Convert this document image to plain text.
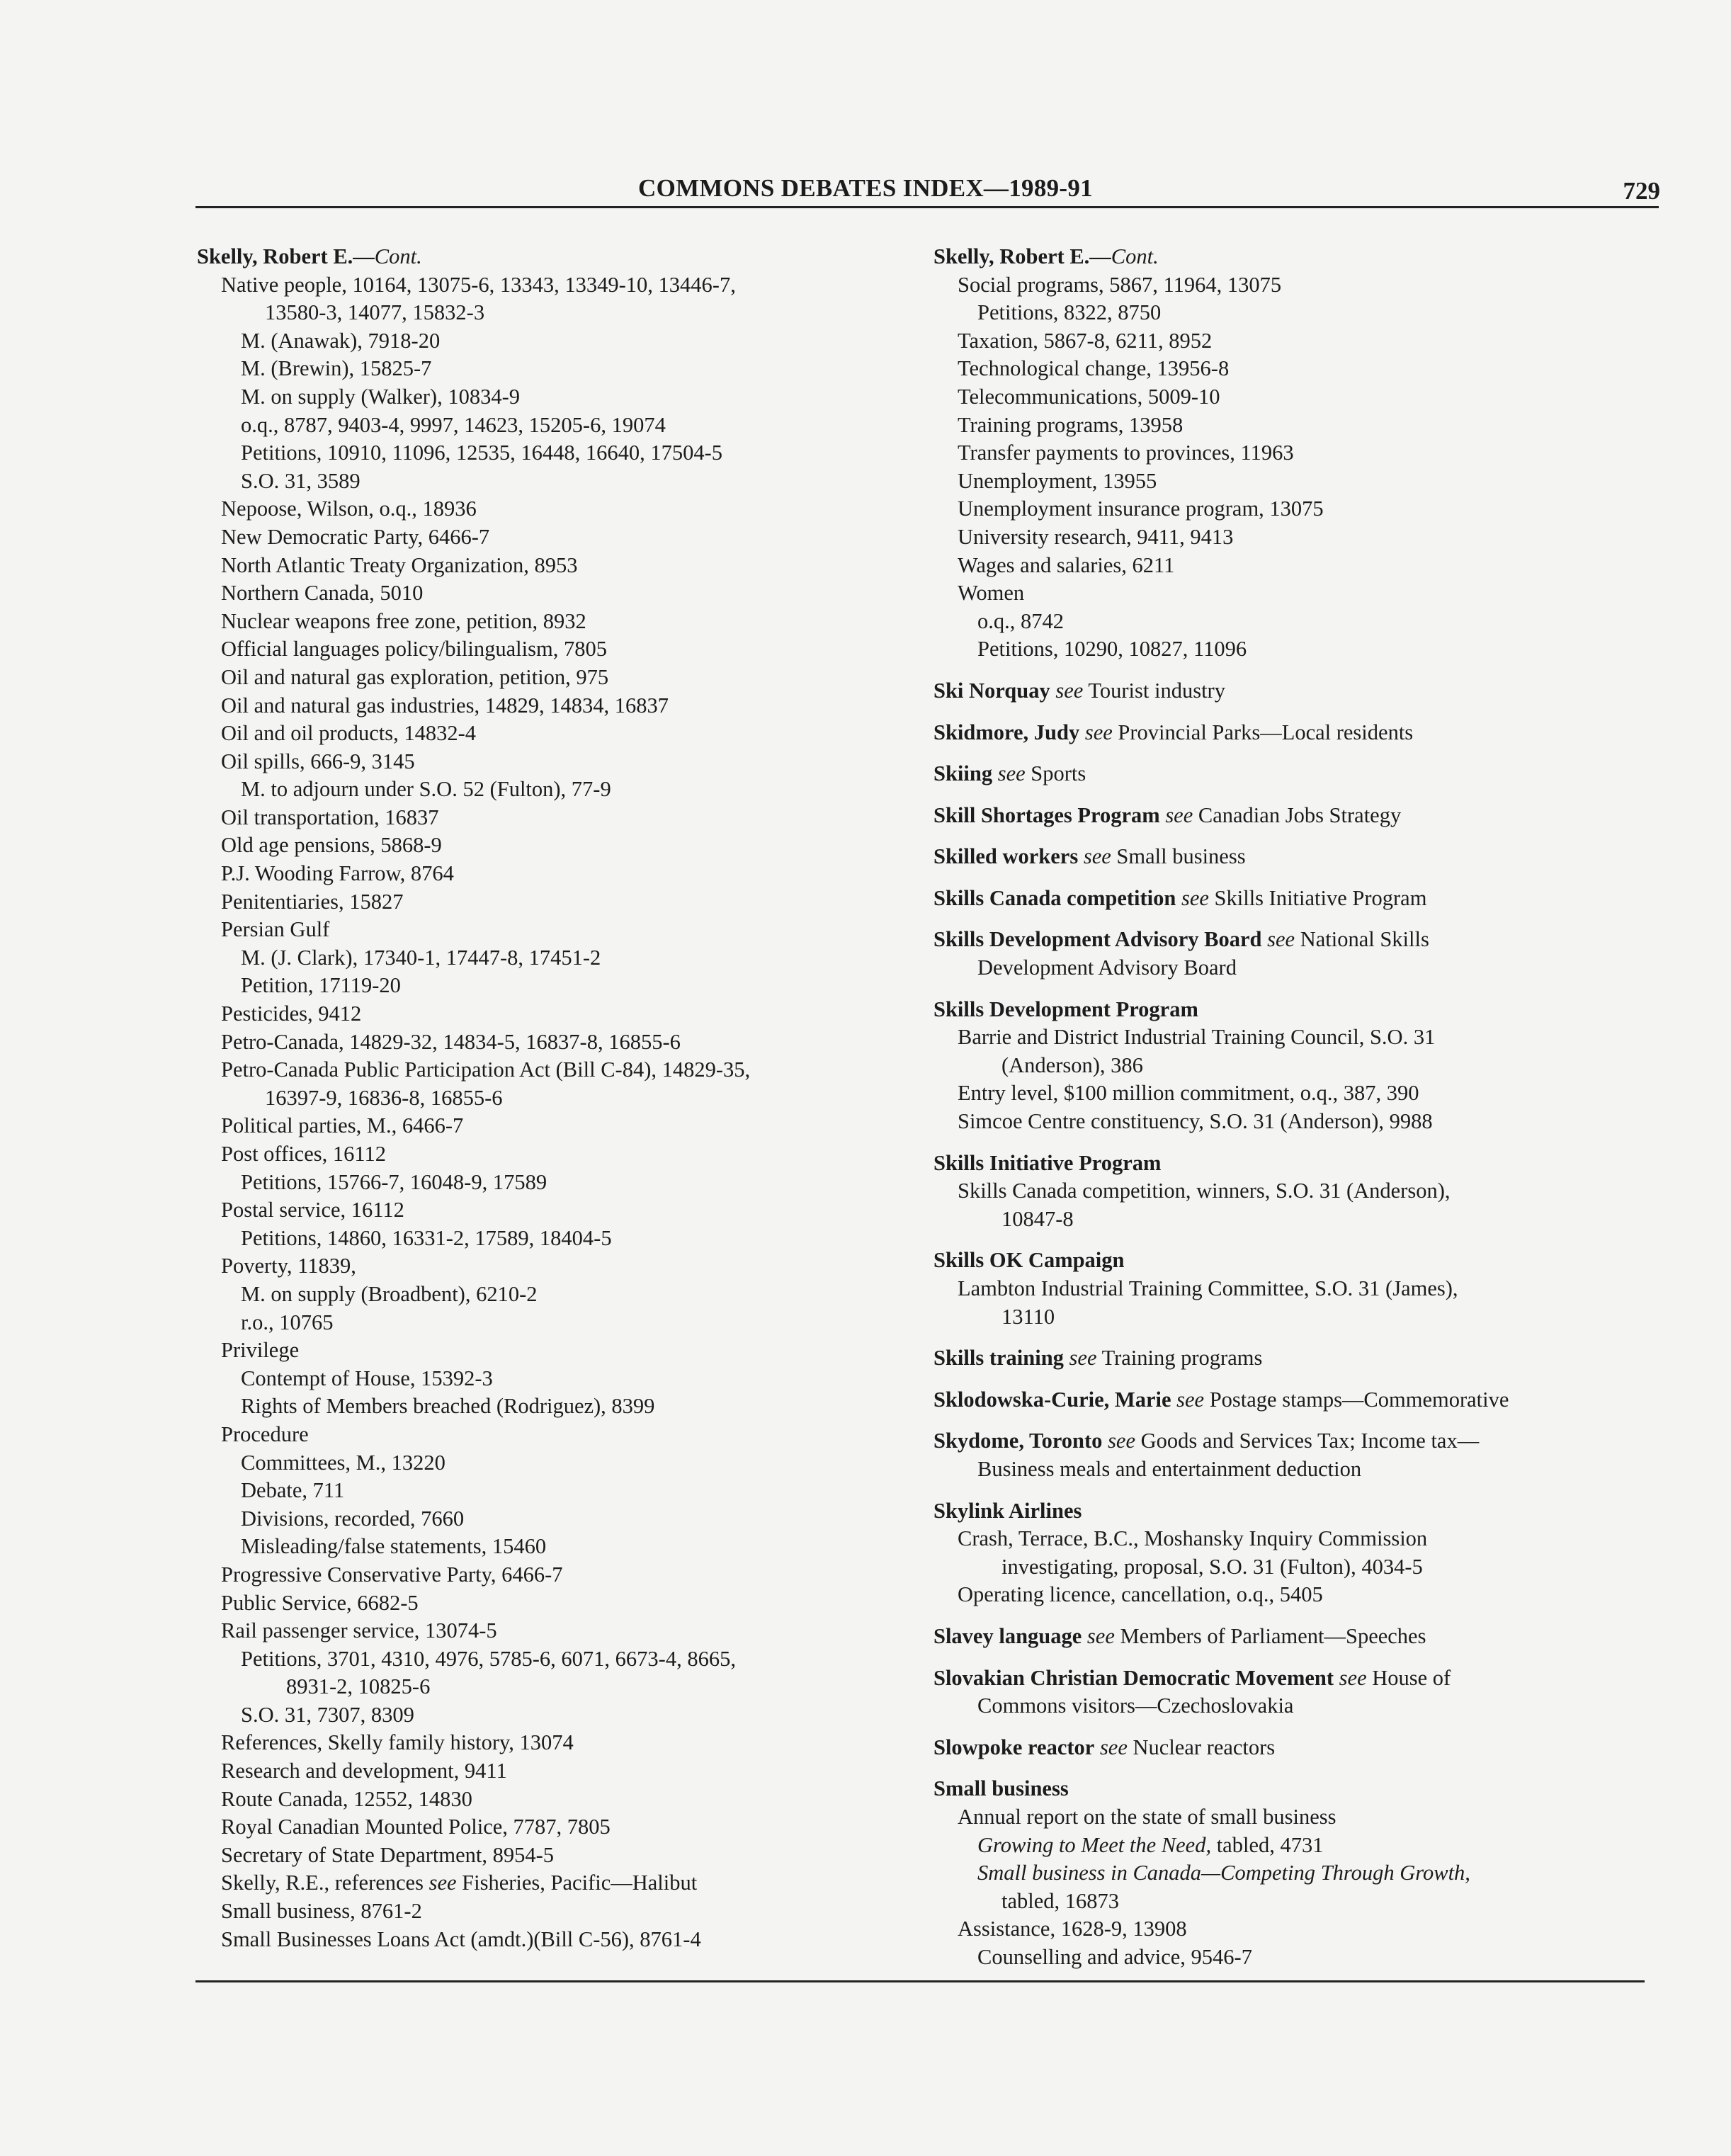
COMMONS DEBATES INDEX—1989-91	729
Skelly, Robert E.—Cont.
Native people, 10164, 13075-6, 13343, 13349-10, 13446-7,
13580-3, 14077, 15832-3
M. (Anawak), 7918-20
M. (Brewin), 15825-7
M. on supply (Walker), 10834-9
o.q., 8787, 9403-4, 9997, 14623, 15205-6, 19074
Petitions, 10910, 11096, 12535, 16448, 16640, 17504-5
S.O. 31, 3589
Nepoose, Wilson, o.q., 18936
New Democratic Party, 6466-7
North Atlantic Treaty Organization, 8953
Northern Canada, 5010
Nuclear weapons free zone, petition, 8932
Official languages policy/bilingualism, 7805
Oil and natural gas exploration, petition, 975
Oil and natural gas industries, 14829, 14834, 16837
Oil and oil products, 14832-4
Oil spills, 666-9, 3145
M. to adjourn under S.O. 52 (Fulton), 77-9
Oil transportation, 16837
Old age pensions, 5868-9
P.J. Wooding Farrow, 8764
Penitentiaries, 15827
Persian Gulf
M. (J. Clark), 17340-1, 17447-8, 17451-2
Petition, 17119-20
Pesticides, 9412
Petro-Canada, 14829-32, 14834-5, 16837-8, 16855-6
Petro-Canada Public Participation Act (Bill C-84), 14829-35,
16397-9, 16836-8, 16855-6
Political parties, M., 6466-7
Post offices, 16112
Petitions, 15766-7, 16048-9, 17589
Postal service, 16112
Petitions, 14860, 16331-2, 17589, 18404-5
Poverty, 11839,
M. on supply (Broadbent), 6210-2
r.o., 10765
Privilege
Contempt of House, 15392-3
Rights of Members breached (Rodriguez), 8399
Procedure
Committees, M., 13220
Debate, 711
Divisions, recorded, 7660
Misleading/false statements, 15460
Progressive Conservative Party, 6466-7
Public Service, 6682-5
Rail passenger service, 13074-5
Petitions, 3701, 4310, 4976, 5785-6, 6071, 6673-4, 8665,
8931-2, 10825-6
S.O. 31, 7307, 8309
References, Skelly family history, 13074
Research and development, 9411
Route Canada, 12552, 14830
Royal Canadian Mounted Police, 7787, 7805
Secretary of State Department, 8954-5
Skelly, R.E., references see Fisheries, Pacific—Halibut
Small business, 8761-2
Small Businesses Loans Act (amdt.)(Bill C-56), 8761-4
Skelly, Robert E.—Cont.
Social programs, 5867, 11964, 13075
Petitions, 8322, 8750
Taxation, 5867-8, 6211, 8952
Technological change, 13956-8
Telecommunications, 5009-10
Training programs, 13958
Transfer payments to provinces, 11963
Unemployment, 13955
Unemployment insurance program, 13075
University research, 9411, 9413
Wages and salaries, 6211
Women
o.q., 8742
Petitions, 10290, 10827, 11096
Ski Norquay see Tourist industry
Skidmore, Judy see Provincial Parks—Local residents
Skiing see Sports
Skill Shortages Program see Canadian Jobs Strategy
Skilled workers see Small business
Skills Canada competition see Skills Initiative Program
Skills Development Advisory Board see National Skills
Development Advisory Board
Skills Development Program
Barrie and District Industrial Training Council, S.O. 31
(Anderson), 386
Entry level, $100 million commitment, o.q., 387, 390
Simcoe Centre constituency, S.O. 31 (Anderson), 9988
Skills Initiative Program
Skills Canada competition, winners, S.O. 31 (Anderson),
10847-8
Skills OK Campaign
Lambton Industrial Training Committee, S.O. 31 (James),
13110
Skills training see Training programs
Sklodowska-Curie, Marie see Postage stamps—Commemorative
Skydome, Toronto see Goods and Services Tax; Income tax—
Business meals and entertainment deduction
Skylink Airlines
Crash, Terrace, B.C., Moshansky Inquiry Commission
investigating, proposal, S.O. 31 (Fulton), 4034-5
Operating licence, cancellation, o.q., 5405
Slavey language see Members of Parliament—Speeches
Slovakian Christian Democratic Movement see House of
Commons visitors—Czechoslovakia
Slowpoke reactor see Nuclear reactors
Small business
Annual report on the state of small business
Growing to Meet the Need, tabled, 4731
Small business in Canada—Competing Through Growth,
tabled, 16873
Assistance, 1628-9, 13908
Counselling and advice, 9546-7
